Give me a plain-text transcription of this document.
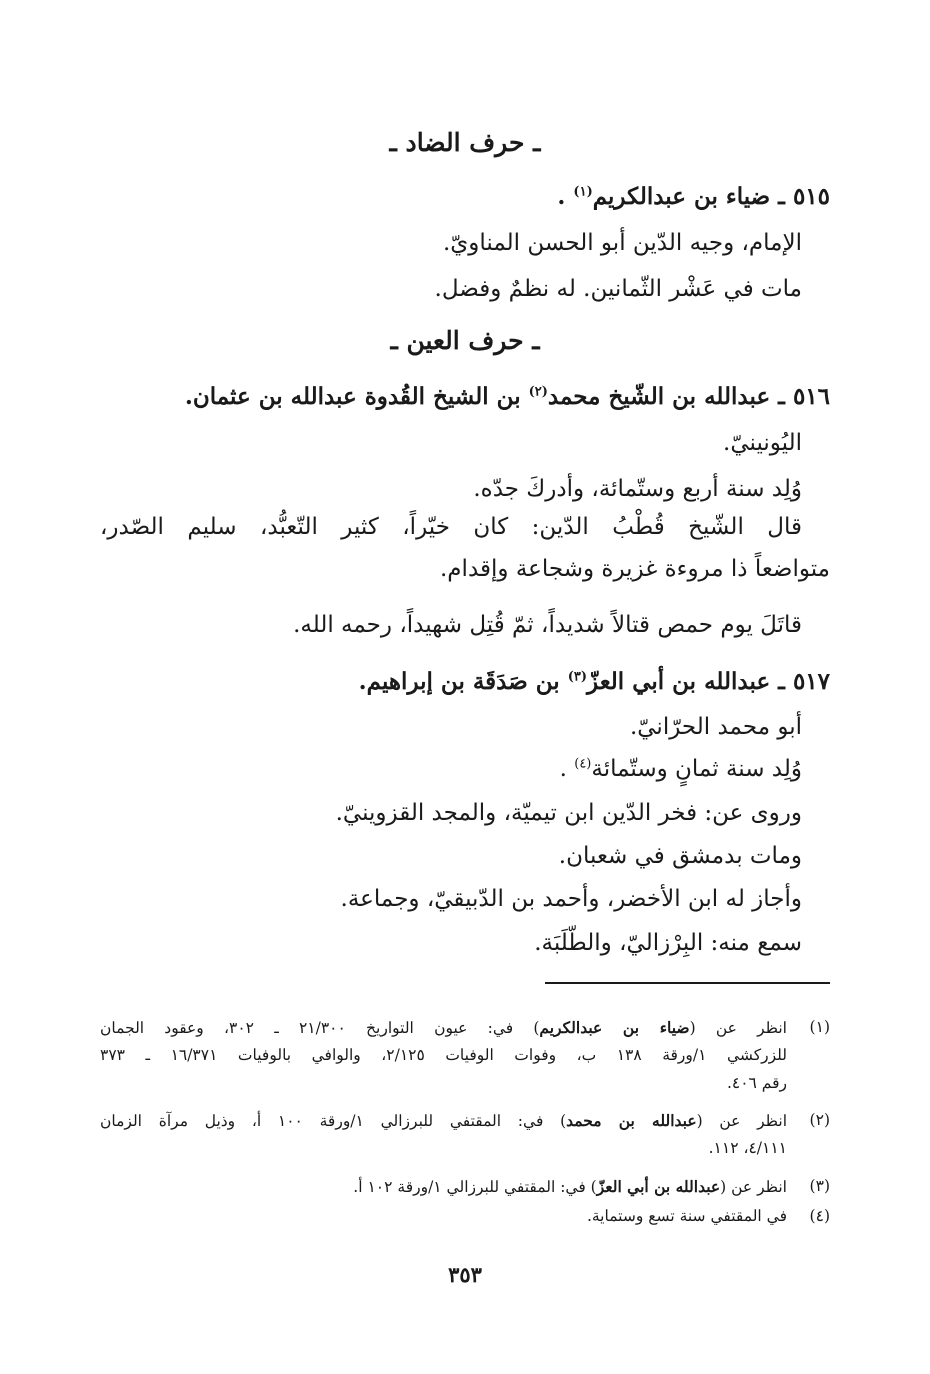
ـ حرف الضاد ـ
٥١٥ ـ ضياء بن عبدالكريم$^{(١)}$ .
الإمام، وجيه الدّين أبو الحسن المناويّ.
مات في عَشْر الثّمانين. له نظمٌ وفضل.
ـ حرف العين ـ
٥١٦ ـ عبدالله بن الشّيخ محمد$^{(٢)}$ بن الشيخ القُدوة عبدالله بن عثمان.
اليُونينيّ.
وُلِد سنة أربع وستّمائة، وأدركَ جدّه.
قال الشّيخ قُطْبُ الدّين: كان خيّراً، كثير التّعبُّد، سليم الصّدر،
متواضعاً ذا مروءة غزيرة وشجاعة وإقدام.
قاتَلَ يوم حمص قتالاً شديداً، ثمّ قُتِل شهيداً، رحمه الله.
٥١٧ ـ عبدالله بن أبي العزّ$^{(٣)}$ بن صَدَقَة بن إبراهيم.
أبو محمد الحرّانيّ.
وُلِد سنة ثمانٍ وستّمائة$^{(٤)}$ .
وروى عن: فخر الدّين ابن تيميّة، والمجد القزوينيّ.
ومات بدمشق في شعبان.
وأجاز له ابن الأخضر، وأحمد بن الدّبيقيّ، وجماعة.
سمع منه: البِرْزاليّ، والطّلَبَة.
(١)
انظر عن (ضياء بن عبدالكريم) في: عيون التواريخ ٢١/٣٠٠ ـ ٣٠٢، وعقود الجمان
للزركشي ١/ورقة ١٣٨ ب، وفوات الوفيات ٢/١٢٥، والوافي بالوفيات ١٦/٣٧١ ـ ٣٧٣
رقم ٤٠٦.
(٢)
انظر عن (عبدالله بن محمد) في: المقتفي للبرزالي ١/ورقة ١٠٠ أ، وذيل مرآة الزمان
٤/١١١، ١١٢.
(٣)
انظر عن (عبدالله بن أبي العزّ) في: المقتفي للبرزالي ١/ورقة ١٠٢ أ.
(٤)
في المقتفي سنة تسع وستماية.
٣٥٣
